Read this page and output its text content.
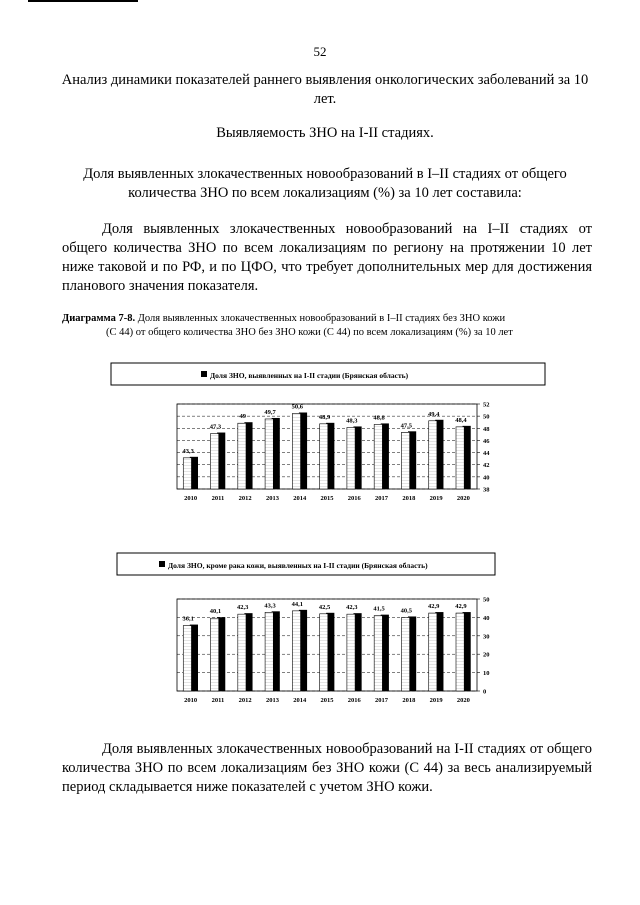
52
Анализ динамики показателей раннего выявления онкологических заболеваний за 10 лет.
Выявляемость ЗНО на I-II стадиях.
Доля выявленных злокачественных новообразований в I–II стадиях от общего количества ЗНО по всем локализациям (%) за 10 лет составила:
Доля выявленных злокачественных новообразований на I–II стадиях от общего количества ЗНО по всем локализациям по региону на протяжении 10 лет ниже таковой и по РФ, и по ЦФО, что требует дополнительных мер для достижения планового значения показателя.
Диаграмма 7-8. Доля выявленных злокачественных новообразований в I–II стадиях без ЗНО кожи
(С 44) от общего количества ЗНО без ЗНО кожи (С 44) по всем локализациям (%) за 10 лет
Доля ЗНО, выявленных на I-II стадии (Брянская область)
38
40
42
44
46
48
50
52
43,3
2010
47,3
2011
49
2012
49,7
2013
50,6
2014
48,9
2015
48,3
2016
48,8
2017
47,5
2018
49,4
2019
48,4
2020
Доля ЗНО, кроме рака кожи, выявленных на I-II стадии (Брянская область)
0
10
20
30
40
50
36,1
2010
40,1
2011
42,3
2012
43,3
2013
44,1
2014
42,5
2015
42,3
2016
41,5
2017
40,5
2018
42,9
2019
42,9
2020
Доля выявленных злокачественных новообразований на I-II стадиях от общего количества ЗНО по всем локализациям без ЗНО кожи (С 44) за весь анализируемый период складывается ниже показателей с учетом ЗНО кожи.
